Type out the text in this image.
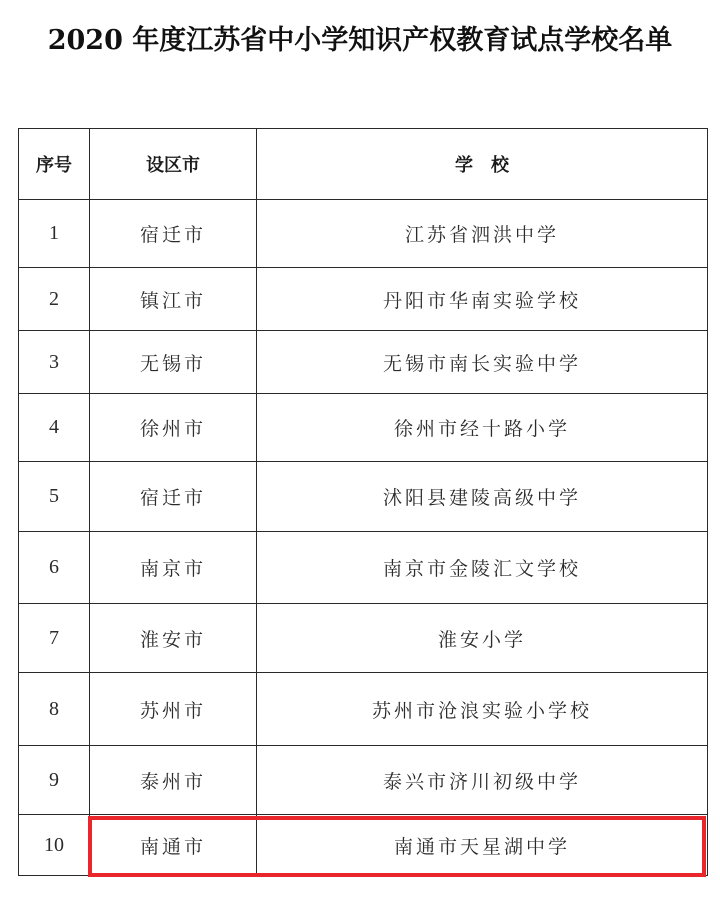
2020 年度江苏省中小学知识产权教育试点学校名单
序号	设区市	学　校
1	宿迁市	江苏省泗洪中学
2	镇江市	丹阳市华南实验学校
3	无锡市	无锡市南长实验中学
4	徐州市	徐州市经十路小学
5	宿迁市	沭阳县建陵高级中学
6	南京市	南京市金陵汇文学校
7	淮安市	淮安小学
8	苏州市	苏州市沧浪实验小学校
9	泰州市	泰兴市济川初级中学
10	南通市	南通市天星湖中学
